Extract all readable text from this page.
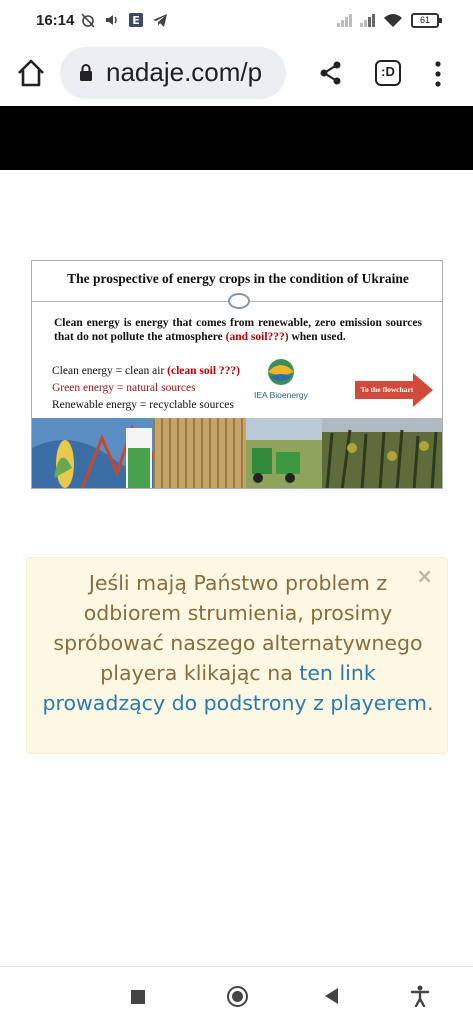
16:14	E	61
nadaje.com/p	:D
The prospective of energy crops in the condition of Ukraine
Clean energy is energy that comes from renewable, zero emission sources that do not pollute the atmosphere (and soil???) when used.
Clean energy = clean air (clean soil ???)
Green energy = natural sources
Renewable energy = recyclable sources
IEA Bioenergy
To the flowchart
×
Jeśli mają Państwo problem z odbiorem strumienia, prosimy spróbować naszego alternatywnego playera klikając na ten link prowadzący do podstrony z playerem.
